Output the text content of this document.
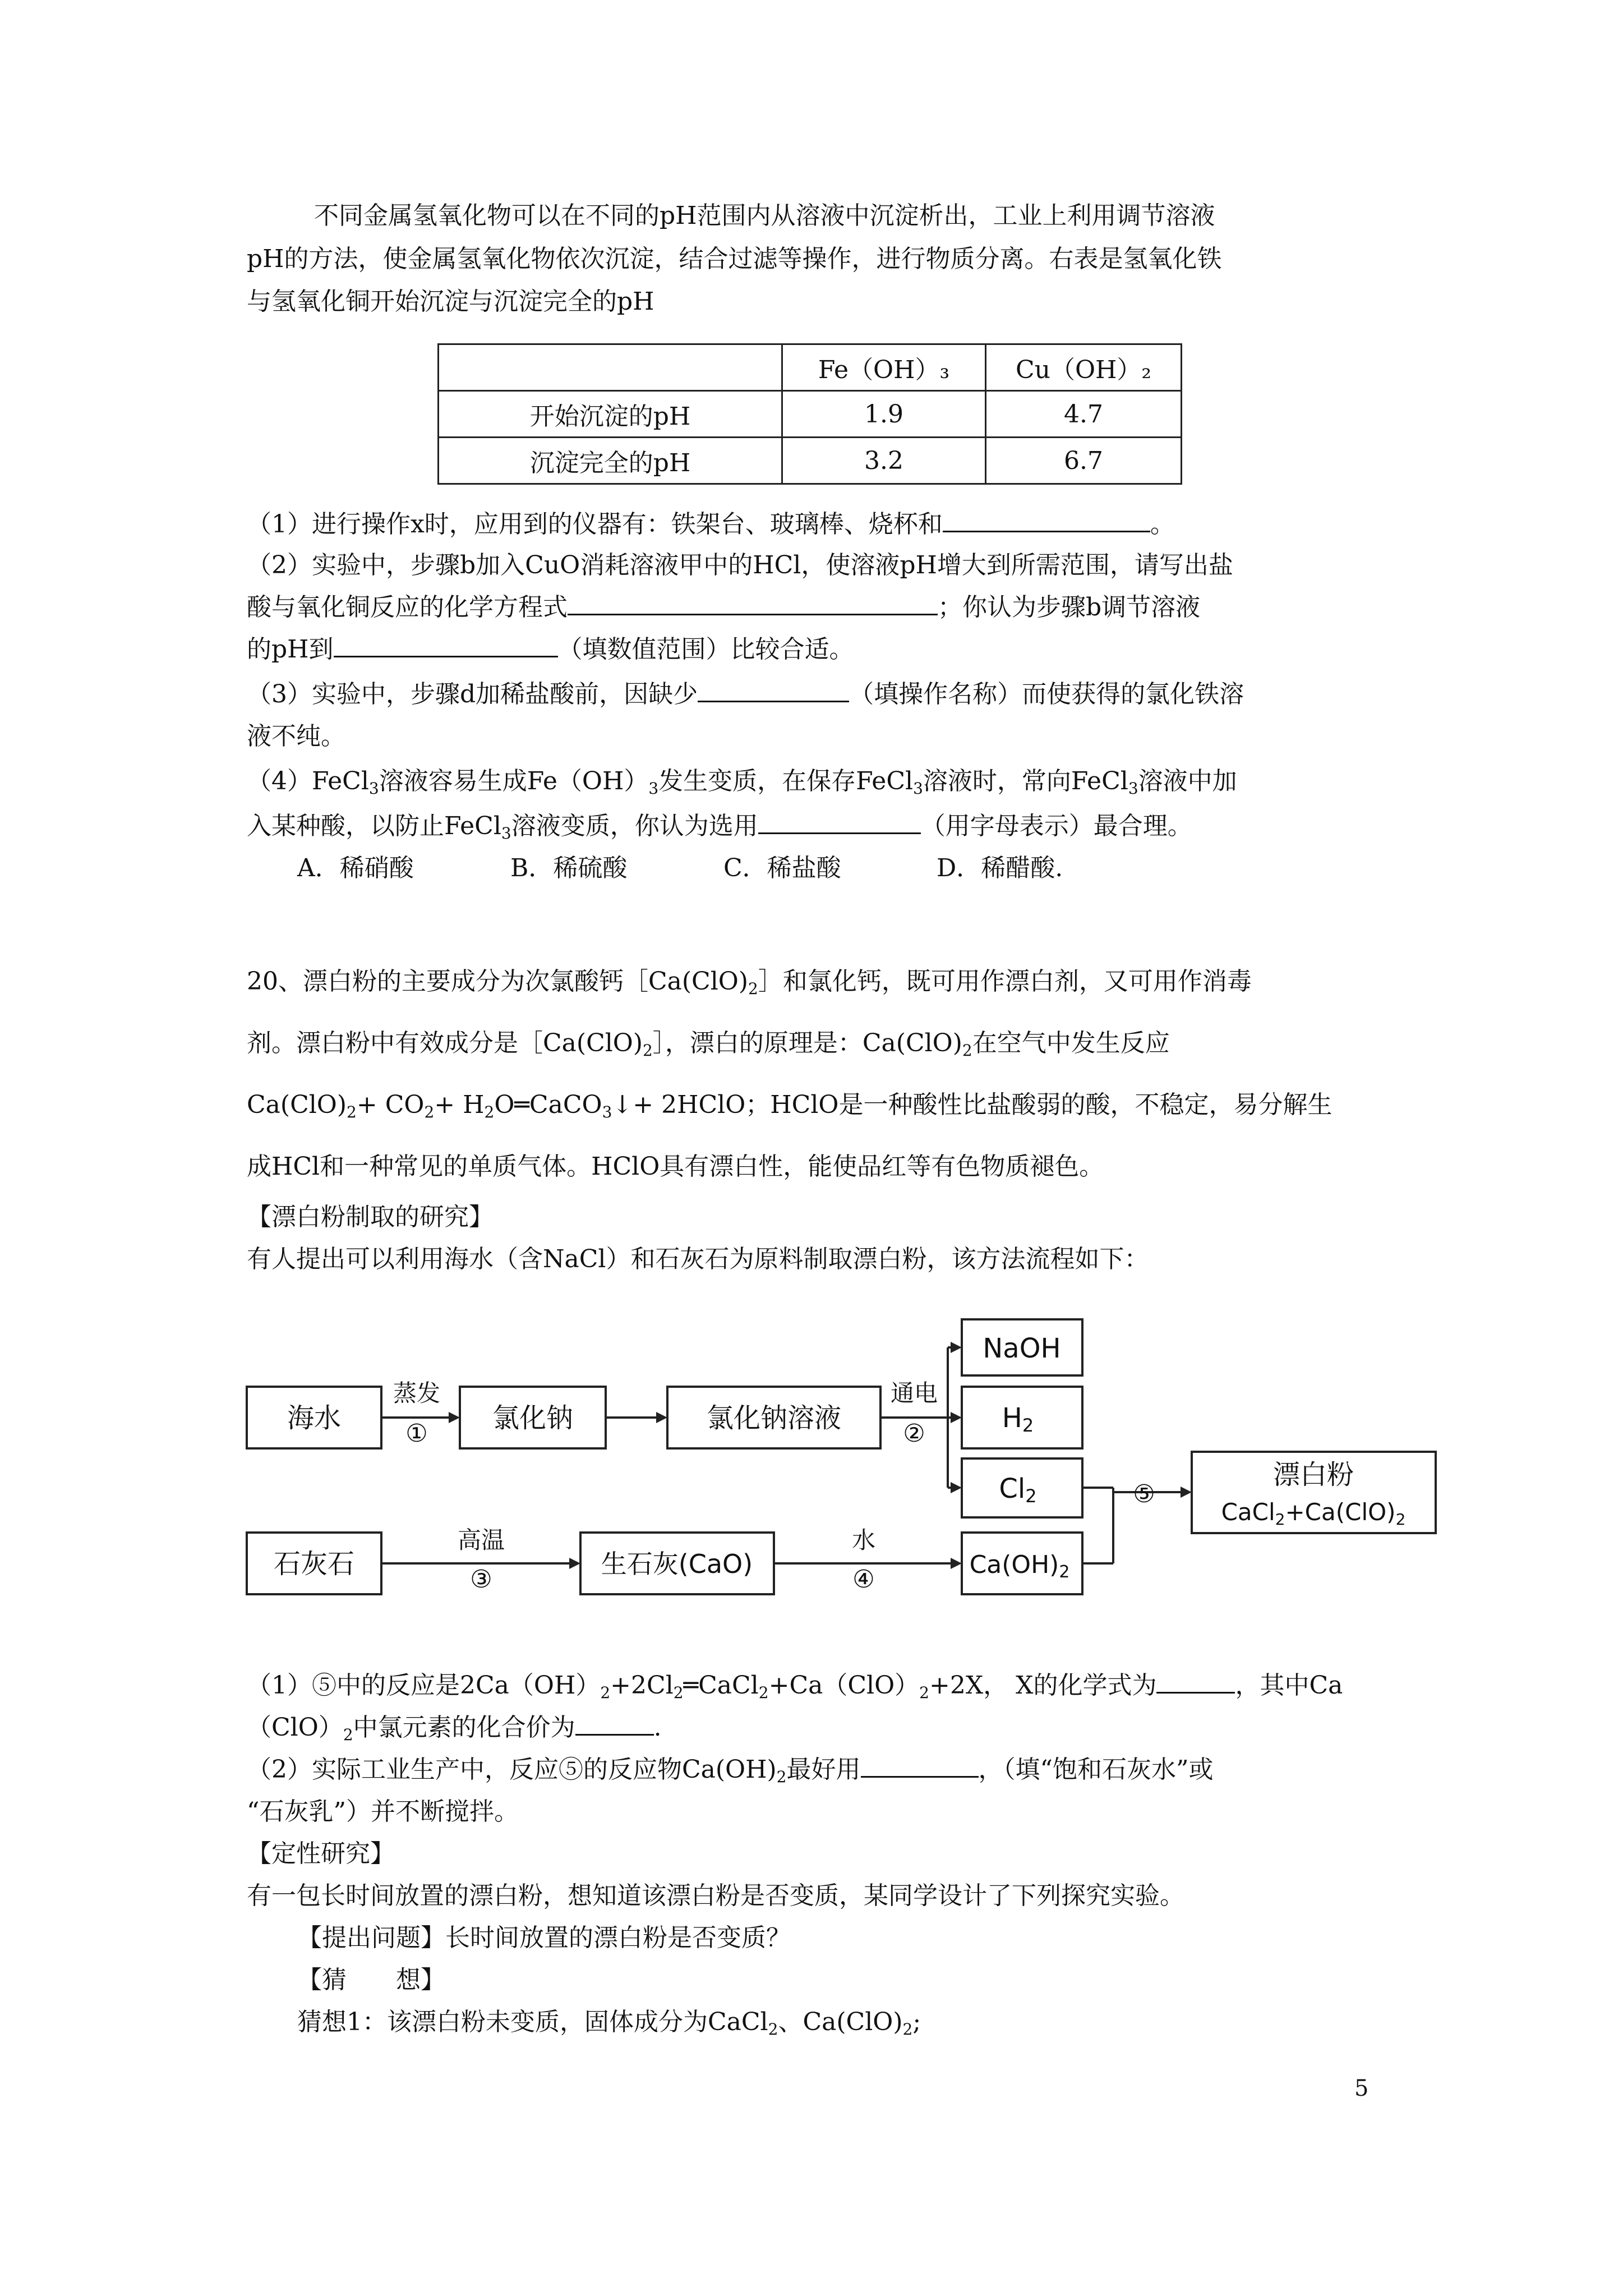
不同金属氢氧化物可以在不同的pH范围内从溶液中沉淀析出，工业上利用调节溶液
pH的方法，使金属氢氧化物依次沉淀，结合过滤等操作，进行物质分离。右表是氢氧化铁
与氢氧化铜开始沉淀与沉淀完全的pH
	Fe（OH）₃	Cu（OH）₂
开始沉淀的pH	1.9	4.7
沉淀完全的pH	3.2	6.7
（1）进行操作x时，应用到的仪器有：铁架台、玻璃棒、烧杯和	。
（2）实验中，步骤b加入CuO消耗溶液甲中的HCl，使溶液pH增大到所需范围，请写出盐
酸与氧化铜反应的化学方程式	；你认为步骤b调节溶液
的pH到	（填数值范围）比较合适。
（3）实验中，步骤d加稀盐酸前，因缺少	（填操作名称）而使获得的氯化铁溶
液不纯。
（4）FeCl$_3$溶液容易生成$Fe(OH)_3$发生变质，在保存FeCl$_3$溶液时，常向FeCl$_3$溶液中加
入某种酸，以防止FeCl$_3$溶液变质，你认为选用	（用字母表示）最合理。
A．稀硝酸	B．稀硫酸	C．稀盐酸	D．稀醋酸.
20、漂白粉的主要成分为次氯酸钙$[Ca(ClO)_2]$和氯化钙，既可用作漂白剂，又可用作消毒
剂。漂白粉中有效成分是$[Ca(ClO)_2]$，漂白的原理是：$Ca(ClO)_2$在空气中发生反应
$Ca(ClO)_2+ CO_2+$ $H_2O═CaCO_3↓+$ 2HClO；HClO是一种酸性比盐酸弱的酸，不稳定，易分解生
成HCl和一种常见的单质气体。HClO具有漂白性，能使品红等有色物质褪色。
【漂白粉制取的研究】
有人提出可以利用海水（含NaCl）和石灰石为原料制取漂白粉，该方法流程如下：
海水
蒸发
① 氯化钠	氯化钠溶液
通电
②
NaOH
H2
Cl2
石灰石
高温
③
生石灰(CaO)
水
④
Ca(OH)2
⑤
漂白粉
CaCl2+Ca(ClO)2
（1）⑤中的反应是$2Ca(OH)_2+2Cl_2═CaCl_2+Ca(ClO)_2+2X$， X的化学式为	，其中Ca
$(ClO)_2$中氯元素的化合价为	.
（2）实际工业生产中，反应⑤的反应物$Ca(OH)_2$最好用	，（填“饱和石灰水”或
“石灰乳”）并不断搅拌。
【定性研究】
有一包长时间放置的漂白粉，想知道该漂白粉是否变质，某同学设计了下列探究实验。
【提出问题】长时间放置的漂白粉是否变质？
【猜　　想】
猜想1：该漂白粉未变质，固体成分为CaCl$_2$、$Ca(ClO)_2$;
5
